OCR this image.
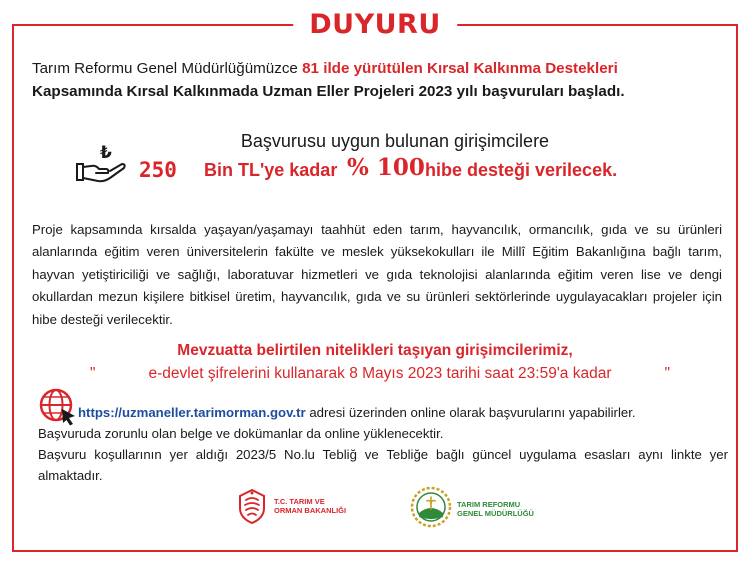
DUYURU

Tarım Reformu Genel Müdürlüğümüzce 81 ilde yürütülen Kırsal Kalkınma Destekleri
Kapsamında Kırsal Kalkınmada Uzman Eller Projeleri 2023 yılı başvuruları başladı.

Başvurusu uygun bulunan girişimcilere
₺
250 Bin TL'ye kadar % 100 hibe desteği verilecek.

Proje kapsamında kırsalda yaşayan/yaşamayı taahhüt eden tarım, hayvancılık, ormancılık, gıda ve su ürünleri alanlarında eğitim veren üniversitelerin fakülte ve meslek yüksekokulları ile Millî Eğitim Bakanlığına bağlı tarım, hayvan yetiştiriciliği ve sağlığı, laboratuvar hizmetleri ve gıda teknolojisi alanlarında eğitim veren lise ve dengi okullardan mezun kişilere bitkisel üretim, hayvancılık, gıda ve su ürünleri sektörlerinde uygulayacakları projeler için hibe desteği verilecektir.

Mevzuatta belirtilen nitelikleri taşıyan girişimcilerimiz,
"	e-devlet şifrelerini kullanarak 8 Mayıs 2023 tarihi saat 23:59'a kadar	"
https://uzmaneller.tarimorman.gov.tr adresi üzerinden online olarak başvurularını yapabilirler.
Başvuruda zorunlu olan belge ve dokümanlar da online yüklenecektir.
Başvuru koşullarının yer aldığı 2023/5 No.lu Tebliğ ve Tebliğe bağlı güncel uygulama esasları aynı linkte yer almaktadır.
T.C. TARIM VE
ORMAN BAKANLIĞI
TARIM REFORMU
GENEL MÜDÜRLÜĞÜ
